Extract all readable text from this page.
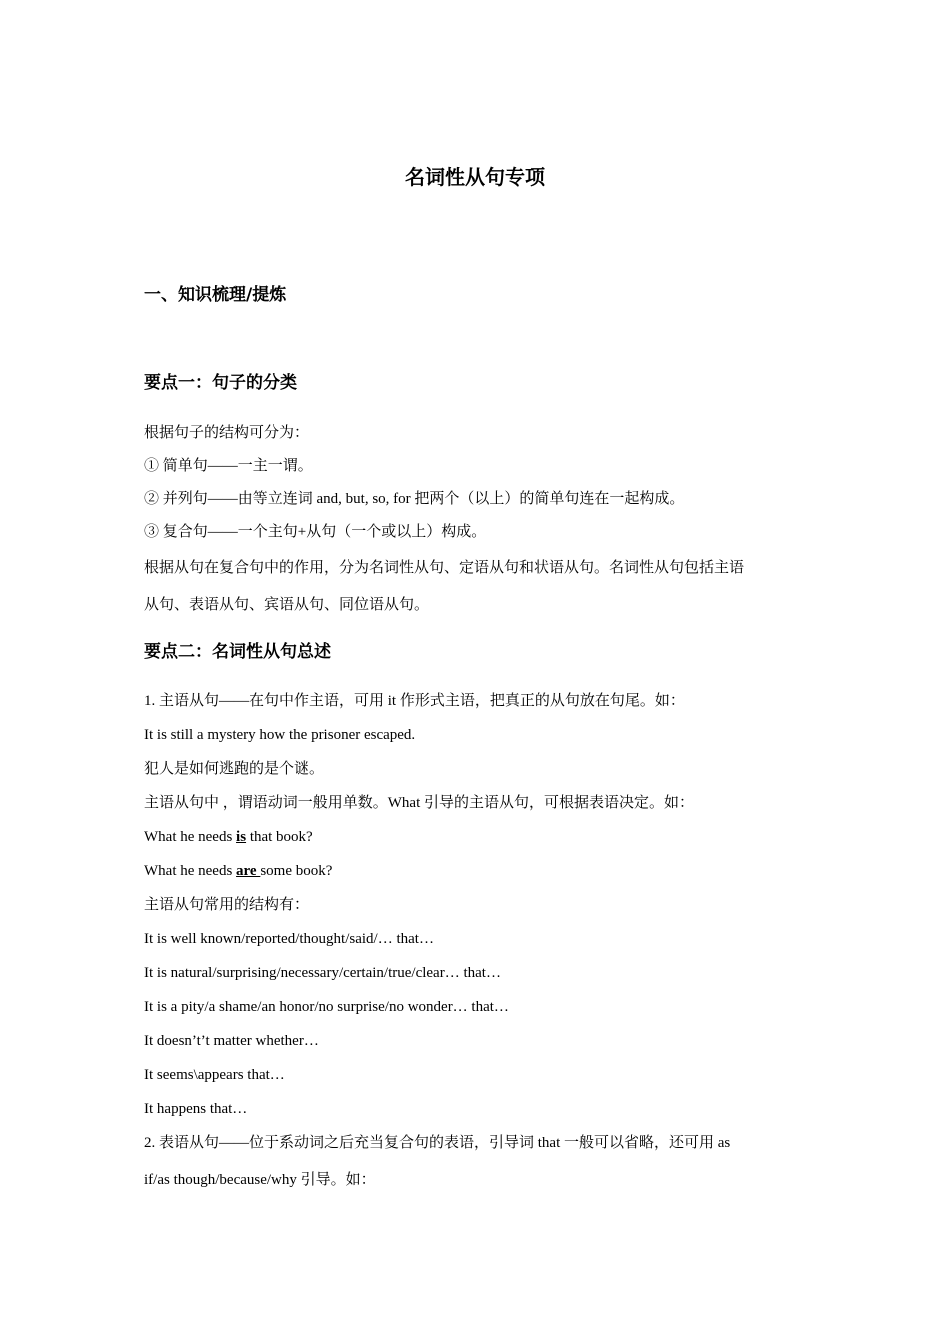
名词性从句专项
一、知识梳理/提炼
要点一：句子的分类
根据句子的结构可分为：
① 简单句——一主一谓。
② 并列句——由等立连词 and, but, so, for 把两个（以上）的简单句连在一起构成。
③ 复合句——一个主句+从句（一个或以上）构成。
根据从句在复合句中的作用，分为名词性从句、定语从句和状语从句。名词性从句包括主语
从句、表语从句、宾语从句、同位语从句。
要点二：名词性从句总述
1. 主语从句——在句中作主语，可用 it 作形式主语，把真正的从句放在句尾。如：
It is still a mystery how the prisoner escaped.
犯人是如何逃跑的是个谜。
主语从句中 ，谓语动词一般用单数。What 引导的主语从句，可根据表语决定。如：
What he needs is that book?
What he needs are some book?
主语从句常用的结构有：
It is well known/reported/thought/said/… that…
It is natural/surprising/necessary/certain/true/clear… that…
It is a pity/a shame/an honor/no surprise/no wonder… that…
It doesn’t’t matter whether…
It seems\appears that…
It happens that…
2. 表语从句——位于系动词之后充当复合句的表语，引导词 that 一般可以省略，还可用 as
if/as though/because/why 引导。如：
